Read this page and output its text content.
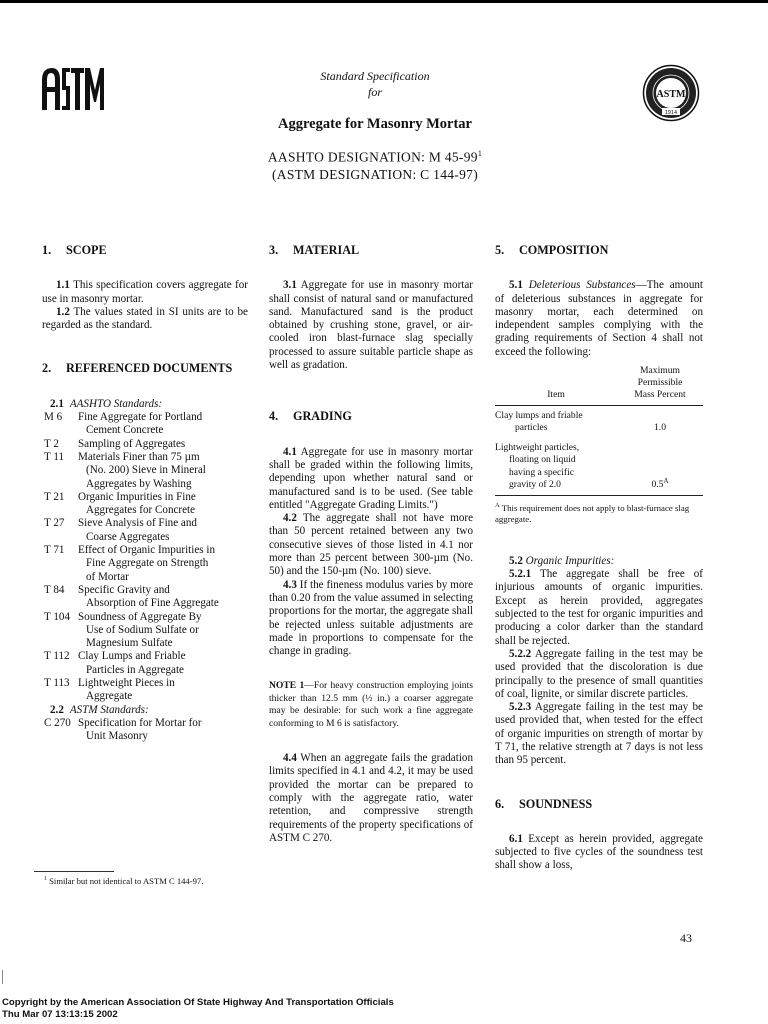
ASTM
1914
Standard Specification
for
Aggregate for Masonry Mortar
AASHTO DESIGNATION: M $45-99^1$
(ASTM DESIGNATION: C 144-97)
1. SCOPE
1.1 This specification covers aggregate for use in masonry mortar.
1.2 The values stated in SI units are to be regarded as the standard.
2. REFERENCED DOCUMENTS
2.1 AASHTO Standards:
M 6	Fine Aggregate for Portland Cement Concrete
T 2	Sampling of Aggregates
T 11	Materials Finer than 75 µm (No. 200) Sieve in Mineral Aggregates by Washing
T 21	Organic Impurities in Fine Aggregates for Concrete
T 27	Sieve Analysis of Fine and Coarse Aggregates
T 71	Effect of Organic Impurities in Fine Aggregate on Strength of Mortar
T 84	Specific Gravity and Absorption of Fine Aggregate
T 104 Soundness of Aggregate By Use of Sodium Sulfate or Magnesium Sulfate
T 112 Clay Lumps and Friable Particles in Aggregate
T 113 Lightweight Pieces in Aggregate
2.2 ASTM Standards:
C 270 Specification for Mortar for Unit Masonry
$^1$ Similar but not identical to ASTM C 144-97.
3. MATERIAL
3.1 Aggregate for use in masonry mortar shall consist of natural sand or manufactured sand. Manufactured sand is the product obtained by crushing stone, gravel, or air-cooled iron blast-furnace slag specially processed to assure suitable particle shape as well as gradation.
4. GRADING
4.1 Aggregate for use in masonry mortar shall be graded within the following limits, depending upon whether natural sand or manufactured sand is to be used. (See table entitled "Aggregate Grading Limits.")
4.2 The aggregate shall not have more than 50 percent retained between any two consecutive sieves of those listed in 4.1 nor more than 25 percent between 300-µm (No. 50) and the 150-µm (No. 100) sieve.
4.3 If the fineness modulus varies by more than 0.20 from the value assumed in selecting proportions for the mortar, the aggregate shall be rejected unless suitable adjustments are made in proportions to compensate for the change in grading.
NOTE 1—For heavy construction employing joints thicker than 12.5 mm (½ in.) a coarser aggregate may be desirable: for such work a fine aggregate conforming to M 6 is satisfactory.
4.4 When an aggregate fails the gradation limits specified in 4.1 and 4.2, it may be used provided the mortar can be prepared to comply with the aggregate ratio, water retention, and compressive strength requirements of the property specifications of ASTM C 270.
5. COMPOSITION
5.1 Deleterious Substances—The amount of deleterious substances in aggregate for masonry mortar, each determined on independent samples complying with the grading requirements of Section 4 shall not exceed the following:
Item
Maximum
Permissible
Mass Percent
Clay lumps and friable
particles	1.0
Lightweight particles,
floating on liquid
having a specific
gravity of 2.0	$0.5^A$
$^A$ This requirement does not apply to blast-furnace slag aggregate.
5.2 Organic Impurities:
5.2.1 The aggregate shall be free of injurious amounts of organic impurities. Except as herein provided, aggregates subjected to the test for organic impurities and producing a color darker than the standard shall be rejected.
5.2.2 Aggregate failing in the test may be used provided that the discoloration is due principally to the presence of small quantities of coal, lignite, or similar discrete particles.
5.2.3 Aggregate failing in the test may be used provided that, when tested for the effect of organic impurities on strength of mortar by T 71, the relative strength at 7 days is not less than 95 percent.
6. SOUNDNESS
6.1 Except as herein provided, aggregate subjected to five cycles of the soundness test shall show a loss,
43
Copyright by the American Association Of State Highway And Transportation Officials
Thu Mar 07 13:13:15 2002
